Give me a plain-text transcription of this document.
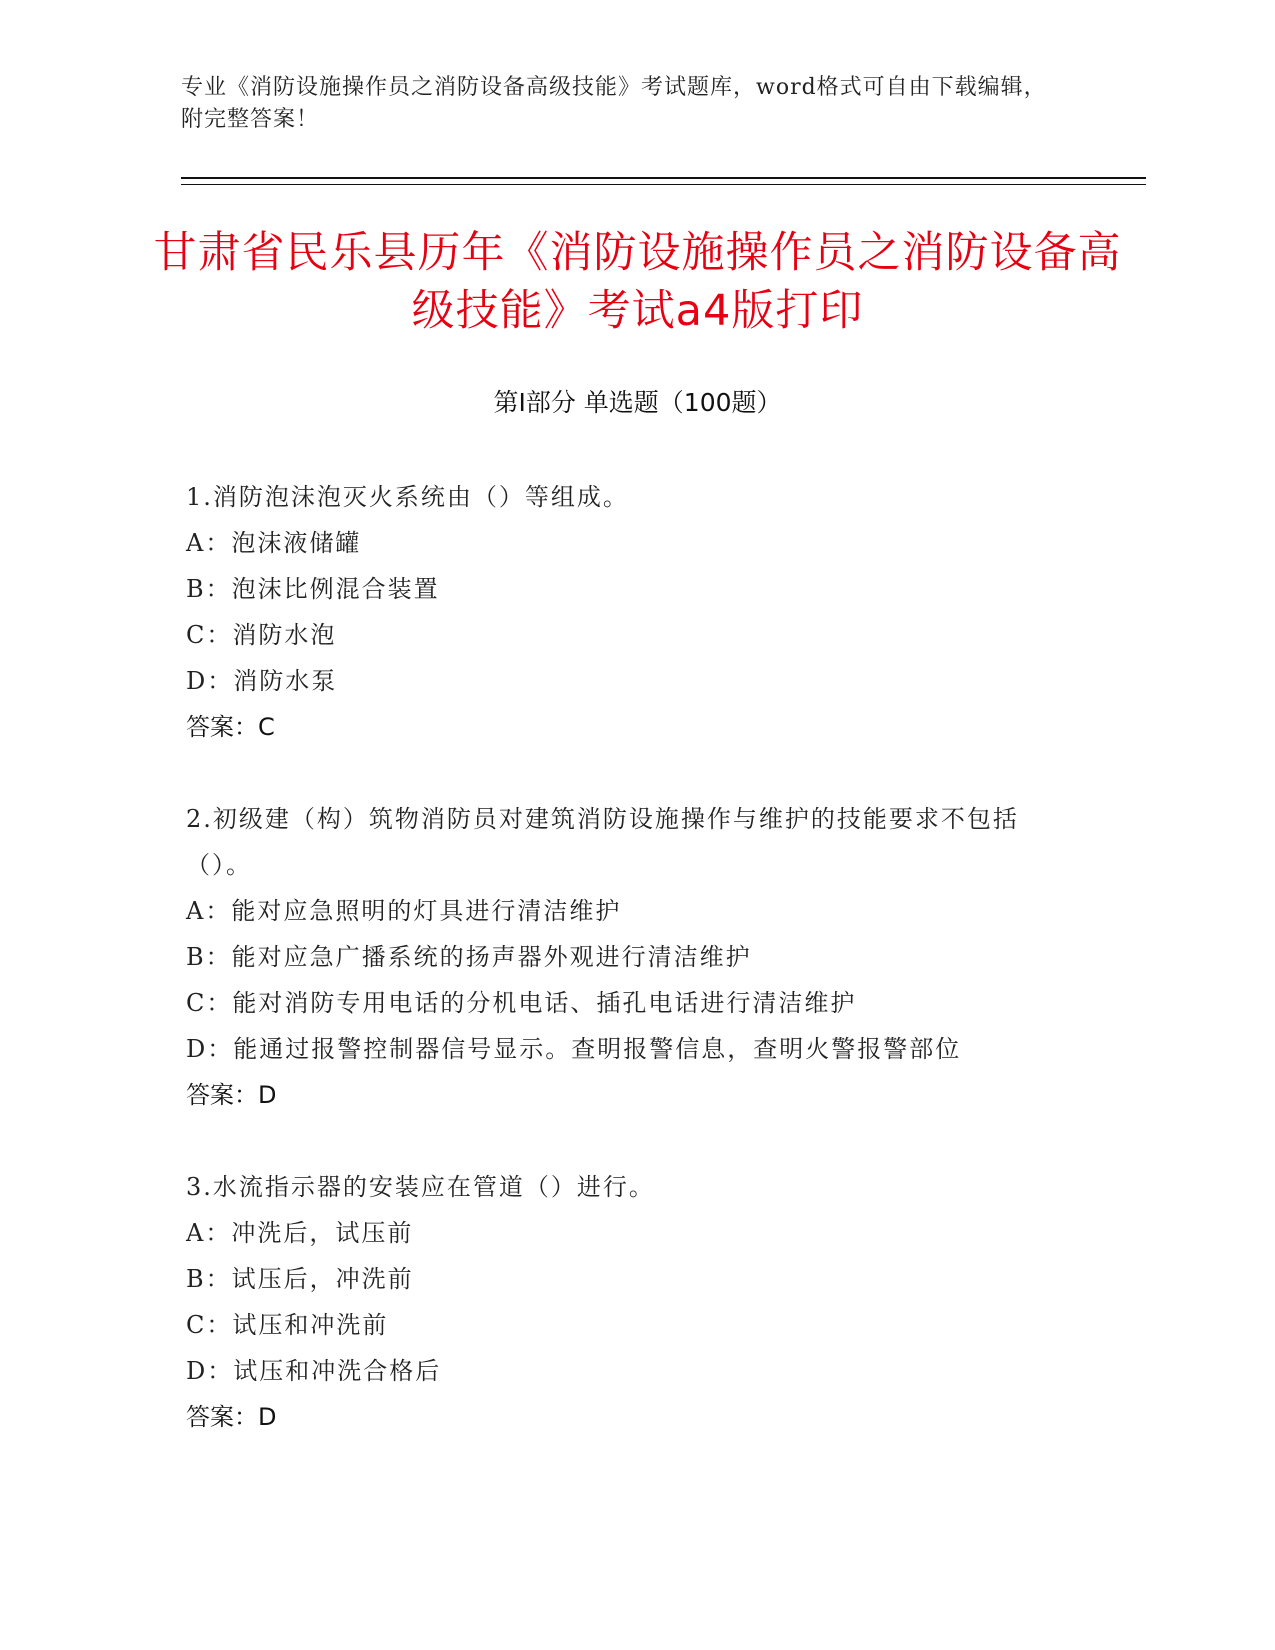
专业《消防设施操作员之消防设备高级技能》考试题库，word格式可自由下载编辑，附完整答案！
甘肃省民乐县历年《消防设施操作员之消防设备高级技能》考试a4版打印
第Ⅰ部分 单选题（100题）
1.消防泡沫泡灭火系统由（）等组成。
A：泡沫液储罐
B：泡沫比例混合装置
C：消防水泡
D：消防水泵
答案：C
2.初级建（构）筑物消防员对建筑消防设施操作与维护的技能要求不包括（）。
A：能对应急照明的灯具进行清洁维护
B：能对应急广播系统的扬声器外观进行清洁维护
C：能对消防专用电话的分机电话、插孔电话进行清洁维护
D：能通过报警控制器信号显示。查明报警信息，查明火警报警部位
答案：D
3.水流指示器的安装应在管道（）进行。
A：冲洗后，试压前
B：试压后，冲洗前
C：试压和冲洗前
D：试压和冲洗合格后
答案：D
